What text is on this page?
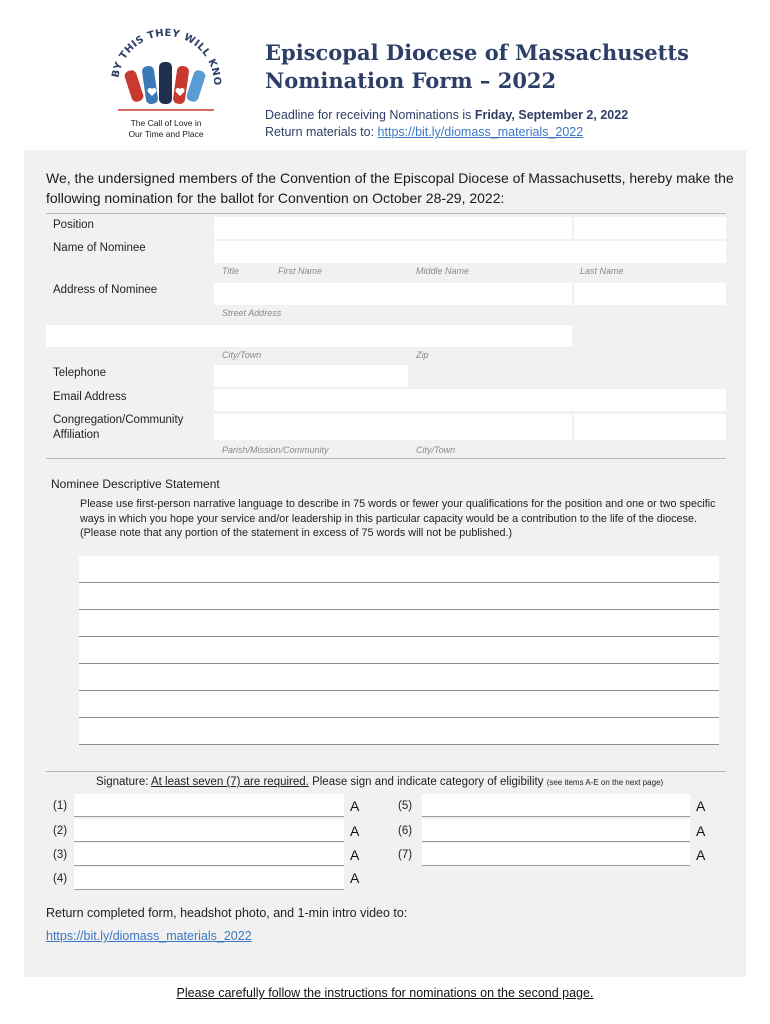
BY THIS THEY WILL KNO
The Call of Love in
Our Time and Place
Episcopal Diocese of Massachusetts
Nomination Form – 2022
Deadline for receiving Nominations is Friday, September 2, 2022
Return materials to: https://bit.ly/diomass_materials_2022
We, the undersigned members of the Convention of the Episcopal Diocese of Massachusetts, hereby make the following nomination for the ballot for Convention on October 28-29, 2022:
Position
Name of Nominee
Title	First Name	Middle Name	Last Name
Address of Nominee
Street Address
City/Town	Zip
Telephone
Email Address
Congregation/Community
Affiliation
Parish/Mission/Community	City/Town
Nominee Descriptive Statement
Please use first-person narrative language to describe in 75 words or fewer your qualifications for the position and one or two specific ways in which you hope your service and/or leadership in this particular capacity would be a contribution to the life of the diocese. (Please note that any portion of the statement in excess of 75 words will not be published.)
Signature: At least seven (7) are required. Please sign and indicate category of eligibility (see items A-E on the next page)
(1)	A
(2)	A
(3)	A
(4)	A
(5)	A
(6)	A
(7)	A
Return completed form, headshot photo, and 1-min intro video to:
https://bit.ly/diomass_materials_2022
Please carefully follow the instructions for nominations on the second page.
